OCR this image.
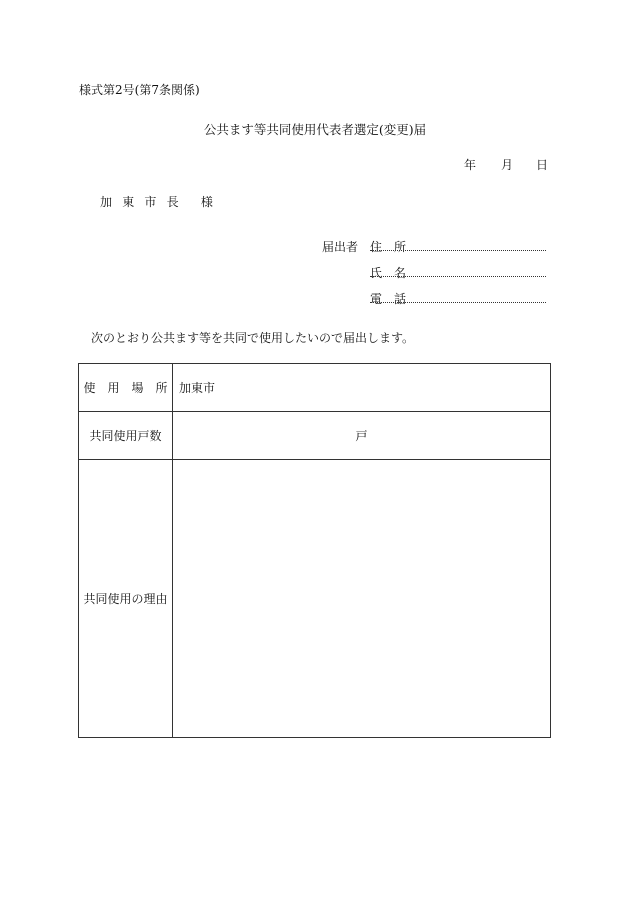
様式第2号(第7条関係)
公共ます等共同使用代表者選定(変更)届
年 月 日
加 東 市 長 様
届出者 住　所
氏　名
電　話
次のとおり公共ます等を共同で使用したいので届出します。
使　用　場　所	加東市
共同使用戸数	戸
共同使用の理由	
